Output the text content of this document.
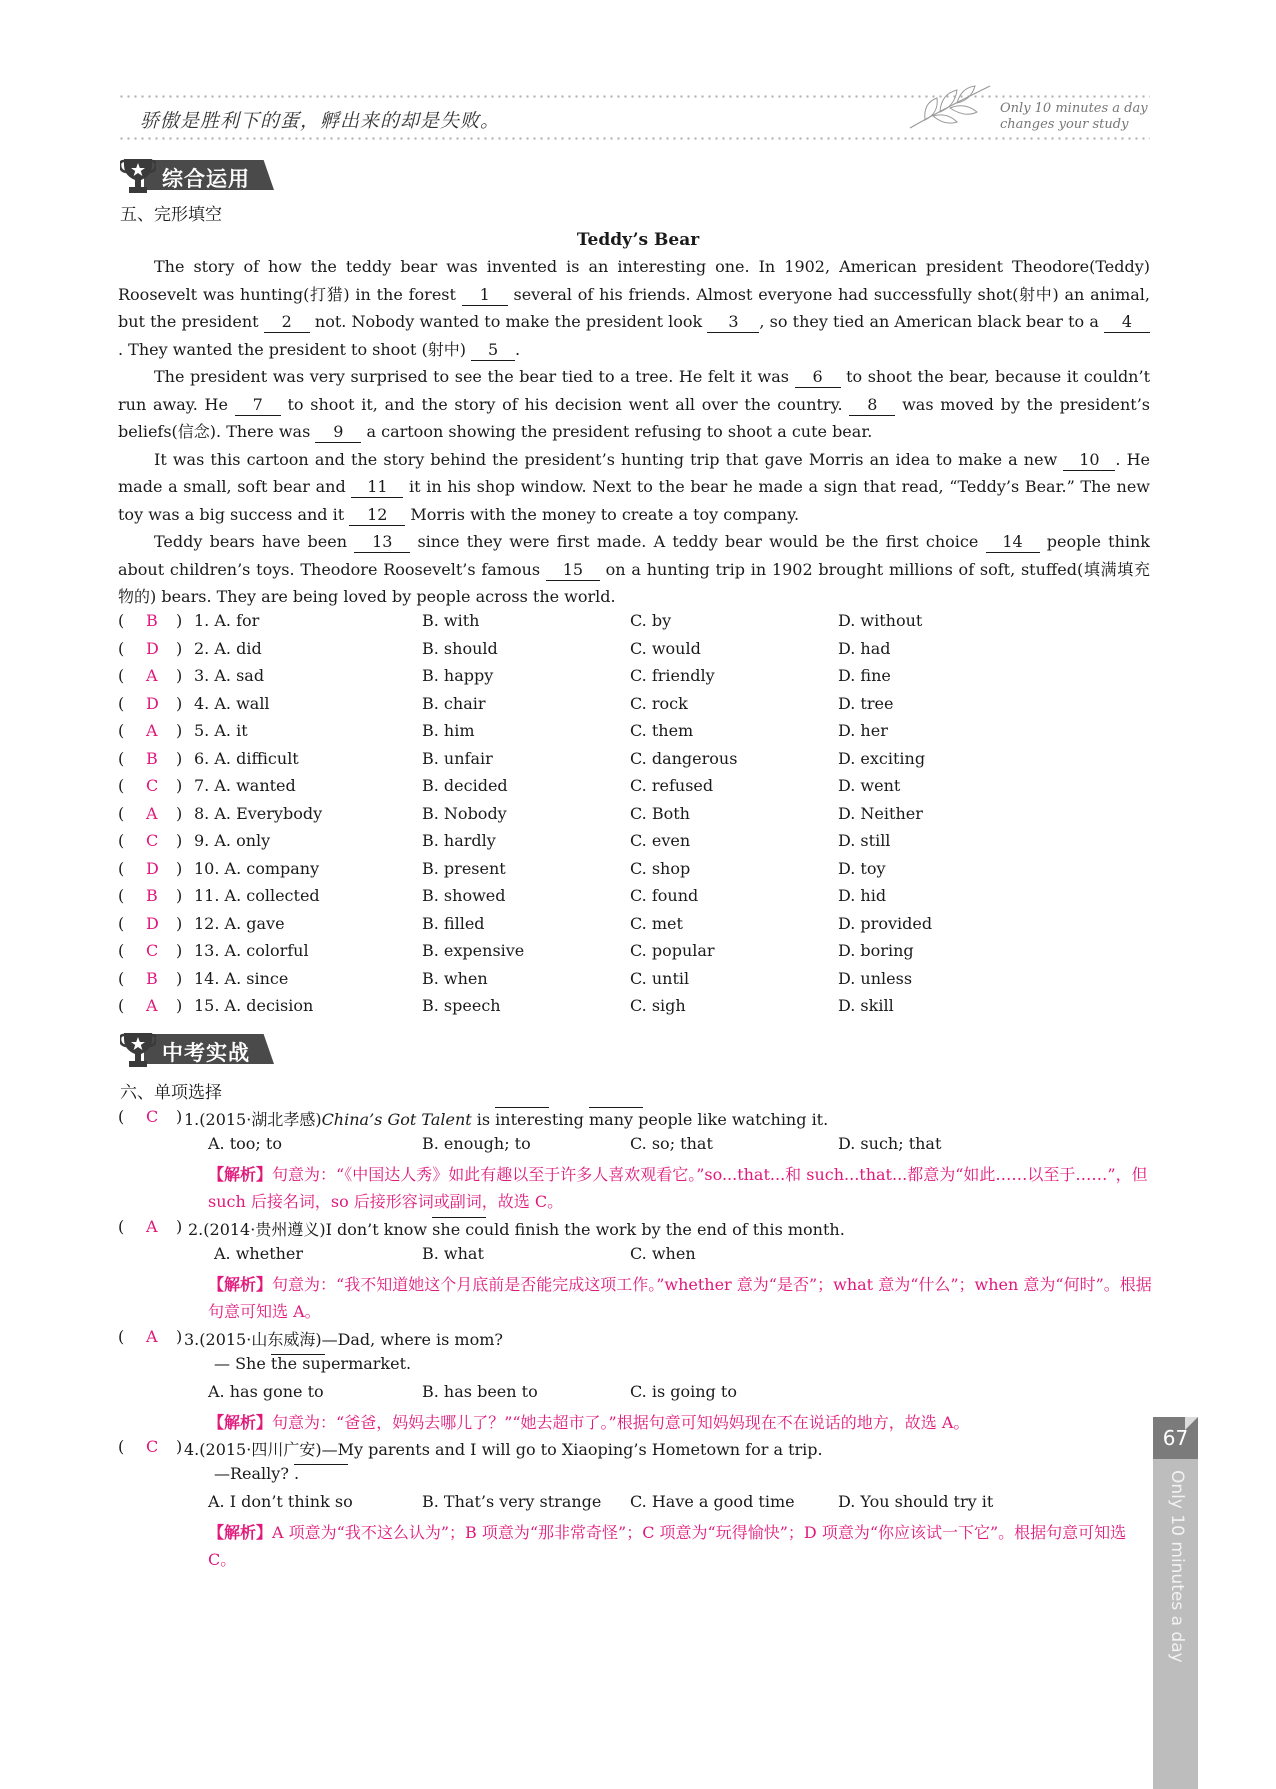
骄傲是胜利下的蛋，孵出来的却是失败。
Only 10 minutes a day
changes your study
综合运用
五、完形填空
Teddy’s Bear

The story of how the teddy bear was invented is an interesting one. In 1902, American president Theodore(Teddy) Roosevelt was hunting(打猎) in the forest 1 several of his friends. Almost everyone had successfully shot(射中) an animal, but the president 2 not. Nobody wanted to make the president look 3 , so they tied an American black bear to a 4. They wanted the president to shoot (射中) 5 .

The president was very surprised to see the bear tied to a tree. He felt it was 6 to shoot the bear, because it couldn’t run away. He 7 to shoot it, and the story of his decision went all over the country. 8 was moved by the president’s beliefs(信念). There was 9 a cartoon showing the president refusing to shoot a cute bear.

It was this cartoon and the story behind the president’s hunting trip that gave Morris an idea to make a new 10 . He made a small, soft bear and 11 it in his shop window. Next to the bear he made a sign that read, “Teddy’s Bear.” The new toy was a big success and it 12 Morris with the money to create a toy company.

Teddy bears have been 13 since they were first made. A teddy bear would be the first choice 14 people think about children’s toys. Theodore Roosevelt’s famous 15 on a hunting trip in 1902 brought millions of soft, stuffed(填满填充物的) bears. They are being loved by people across the world.

( B ) 1. A. for	B. with	C. by	D. without
( D ) 2. A. did	B. should	C. would	D. had
( A ) 3. A. sad	B. happy	C. friendly	D. fine
( D ) 4. A. wall	B. chair	C. rock	D. tree
( A ) 5. A. it	B. him	C. them	D. her
( B ) 6. A. difficult	B. unfair	C. dangerous	D. exciting
( C ) 7. A. wanted	B. decided	C. refused	D. went
( A ) 8. A. Everybody	B. Nobody	C. Both	D. Neither
( C ) 9. A. only	B. hardly	C. even	D. still
( D ) 10. A. company	B. present	C. shop	D. toy
( B ) 11. A. collected	B. showed	C. found	D. hid
( D ) 12. A. gave	B. filled	C. met	D. provided
( C ) 13. A. colorful	B. expensive	C. popular	D. boring
( B ) 14. A. since	B. when	C. until	D. unless
( A ) 15. A. decision	B. speech	C. sigh	D. skill
中考实战
六、单项选择
( C ) 1.(2015·湖北孝感)China’s Got Talent is
interesting
many people like watching it.
A. too; to	B. enough; to	C. so; that	D. such; that
【解析】句意为：“《中国达人秀》如此有趣以至于许多人喜欢观看它。”so...that...和 such...that...都意为“如此……以至于……”，但 such 后接名词，so 后接形容词或副词，故选 C。
( A ) 2.(2014·贵州遵义)I don’t know
she could finish the work by the end of this month.
A. whether	B. what	C. when
【解析】句意为：“我不知道她这个月底前是否能完成这项工作。”whether 意为“是否”；what 意为“什么”；when 意为“何时”。根据句意可知选 A。
( A ) 3.(2015·山东威海)—Dad, where is mom?
— She
the supermarket.
A. has gone to	B. has been to	C. is going to
【解析】句意为：“爸爸，妈妈去哪儿了？”“她去超市了。”根据句意可知妈妈现在不在说话的地方，故选 A。
( C ) 4.(2015·四川广安)—My parents and I will go to Xiaoping’s Hometown for a trip.
—Really?
.
A. I don’t think so	B. That’s very strange C. Have a good time	D. You should try it
【解析】A 项意为“我不这么认为”；B 项意为“那非常奇怪”；C 项意为“玩得愉快”；D 项意为“你应该试一下它”。根据句意可知选 C。
67
Only 10 minutes a day
